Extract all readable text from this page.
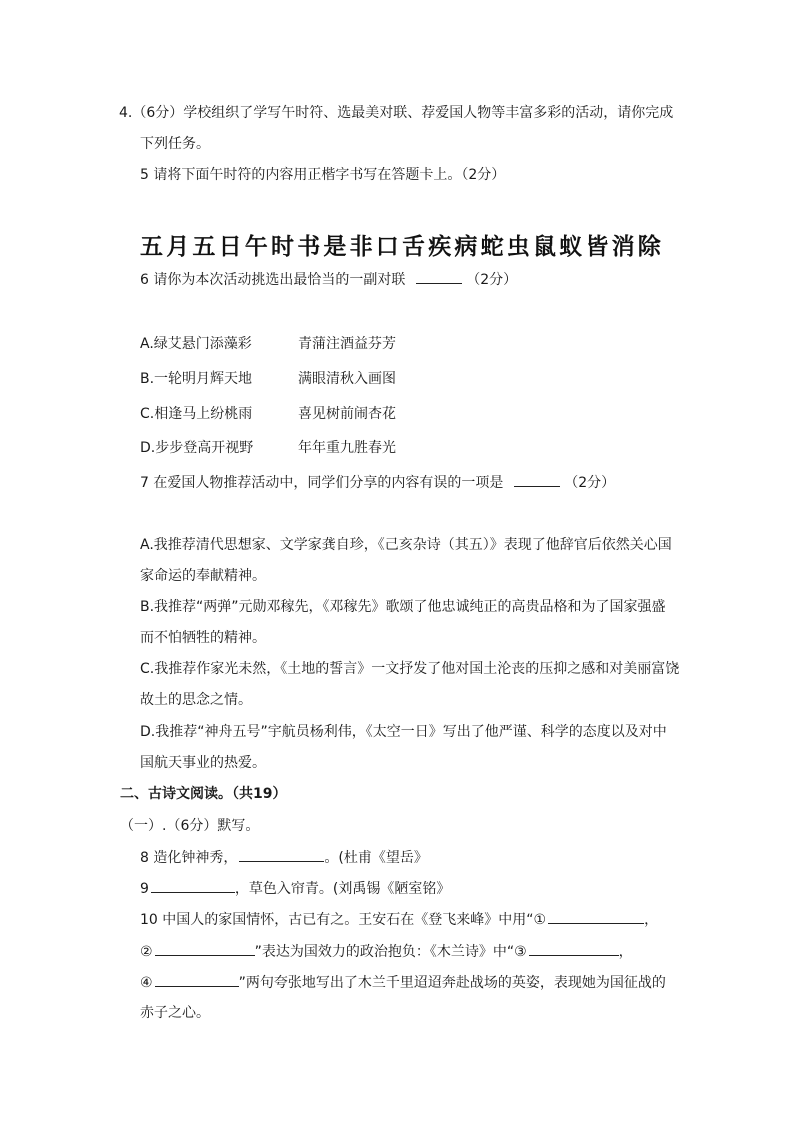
4.（6分）学校组织了学写午时符、选最美对联、荐爱国人物等丰富多彩的活动，请你完成
下列任务。
5 请将下面午时符的内容用正楷字书写在答题卡上。（2分）
五月五日午时书是非口舌疾病蛇虫鼠蚁皆消除
6 请你为本次活动挑选出最恰当的一副对联	（2分）
A.绿艾悬门添藻彩	青蒲注酒益芬芳
B.一轮明月辉天地	满眼清秋入画图
C.相逢马上纷桃雨	喜见树前闹杏花
D.步步登高开视野	年年重九胜春光
7 在爱国人物推荐活动中，同学们分享的内容有误的一项是	（2分）
A.我推荐清代思想家、文学家龚自珍，《己亥杂诗（其五）》表现了他辞官后依然关心国
家命运的奉献精神。
B.我推荐“两弹”元勋邓稼先，《邓稼先》歌颂了他忠诚纯正的高贵品格和为了国家强盛
而不怕牺牲的精神。
C.我推荐作家光未然，《土地的誓言》一文抒发了他对国土沦丧的压抑之感和对美丽富饶
故土的思念之情。
D.我推荐“神舟五号”宇航员杨利伟，《太空一日》写出了他严谨、科学的态度以及对中
国航天事业的热爱。
二、古诗文阅读。（共19）
（一）.（6分）默写。
8 造化钟神秀，	。(杜甫《望岳》
9	，草色入帘青。(刘禹锡《陋室铭》
10 中国人的家国情怀，古已有之。王安石在《登飞来峰》中用“①	，
②	”表达为国效力的政治抱负：《木兰诗》中“③	，
④	”两句夸张地写出了木兰千里迢迢奔赴战场的英姿，表现她为国征战的
赤子之心。
